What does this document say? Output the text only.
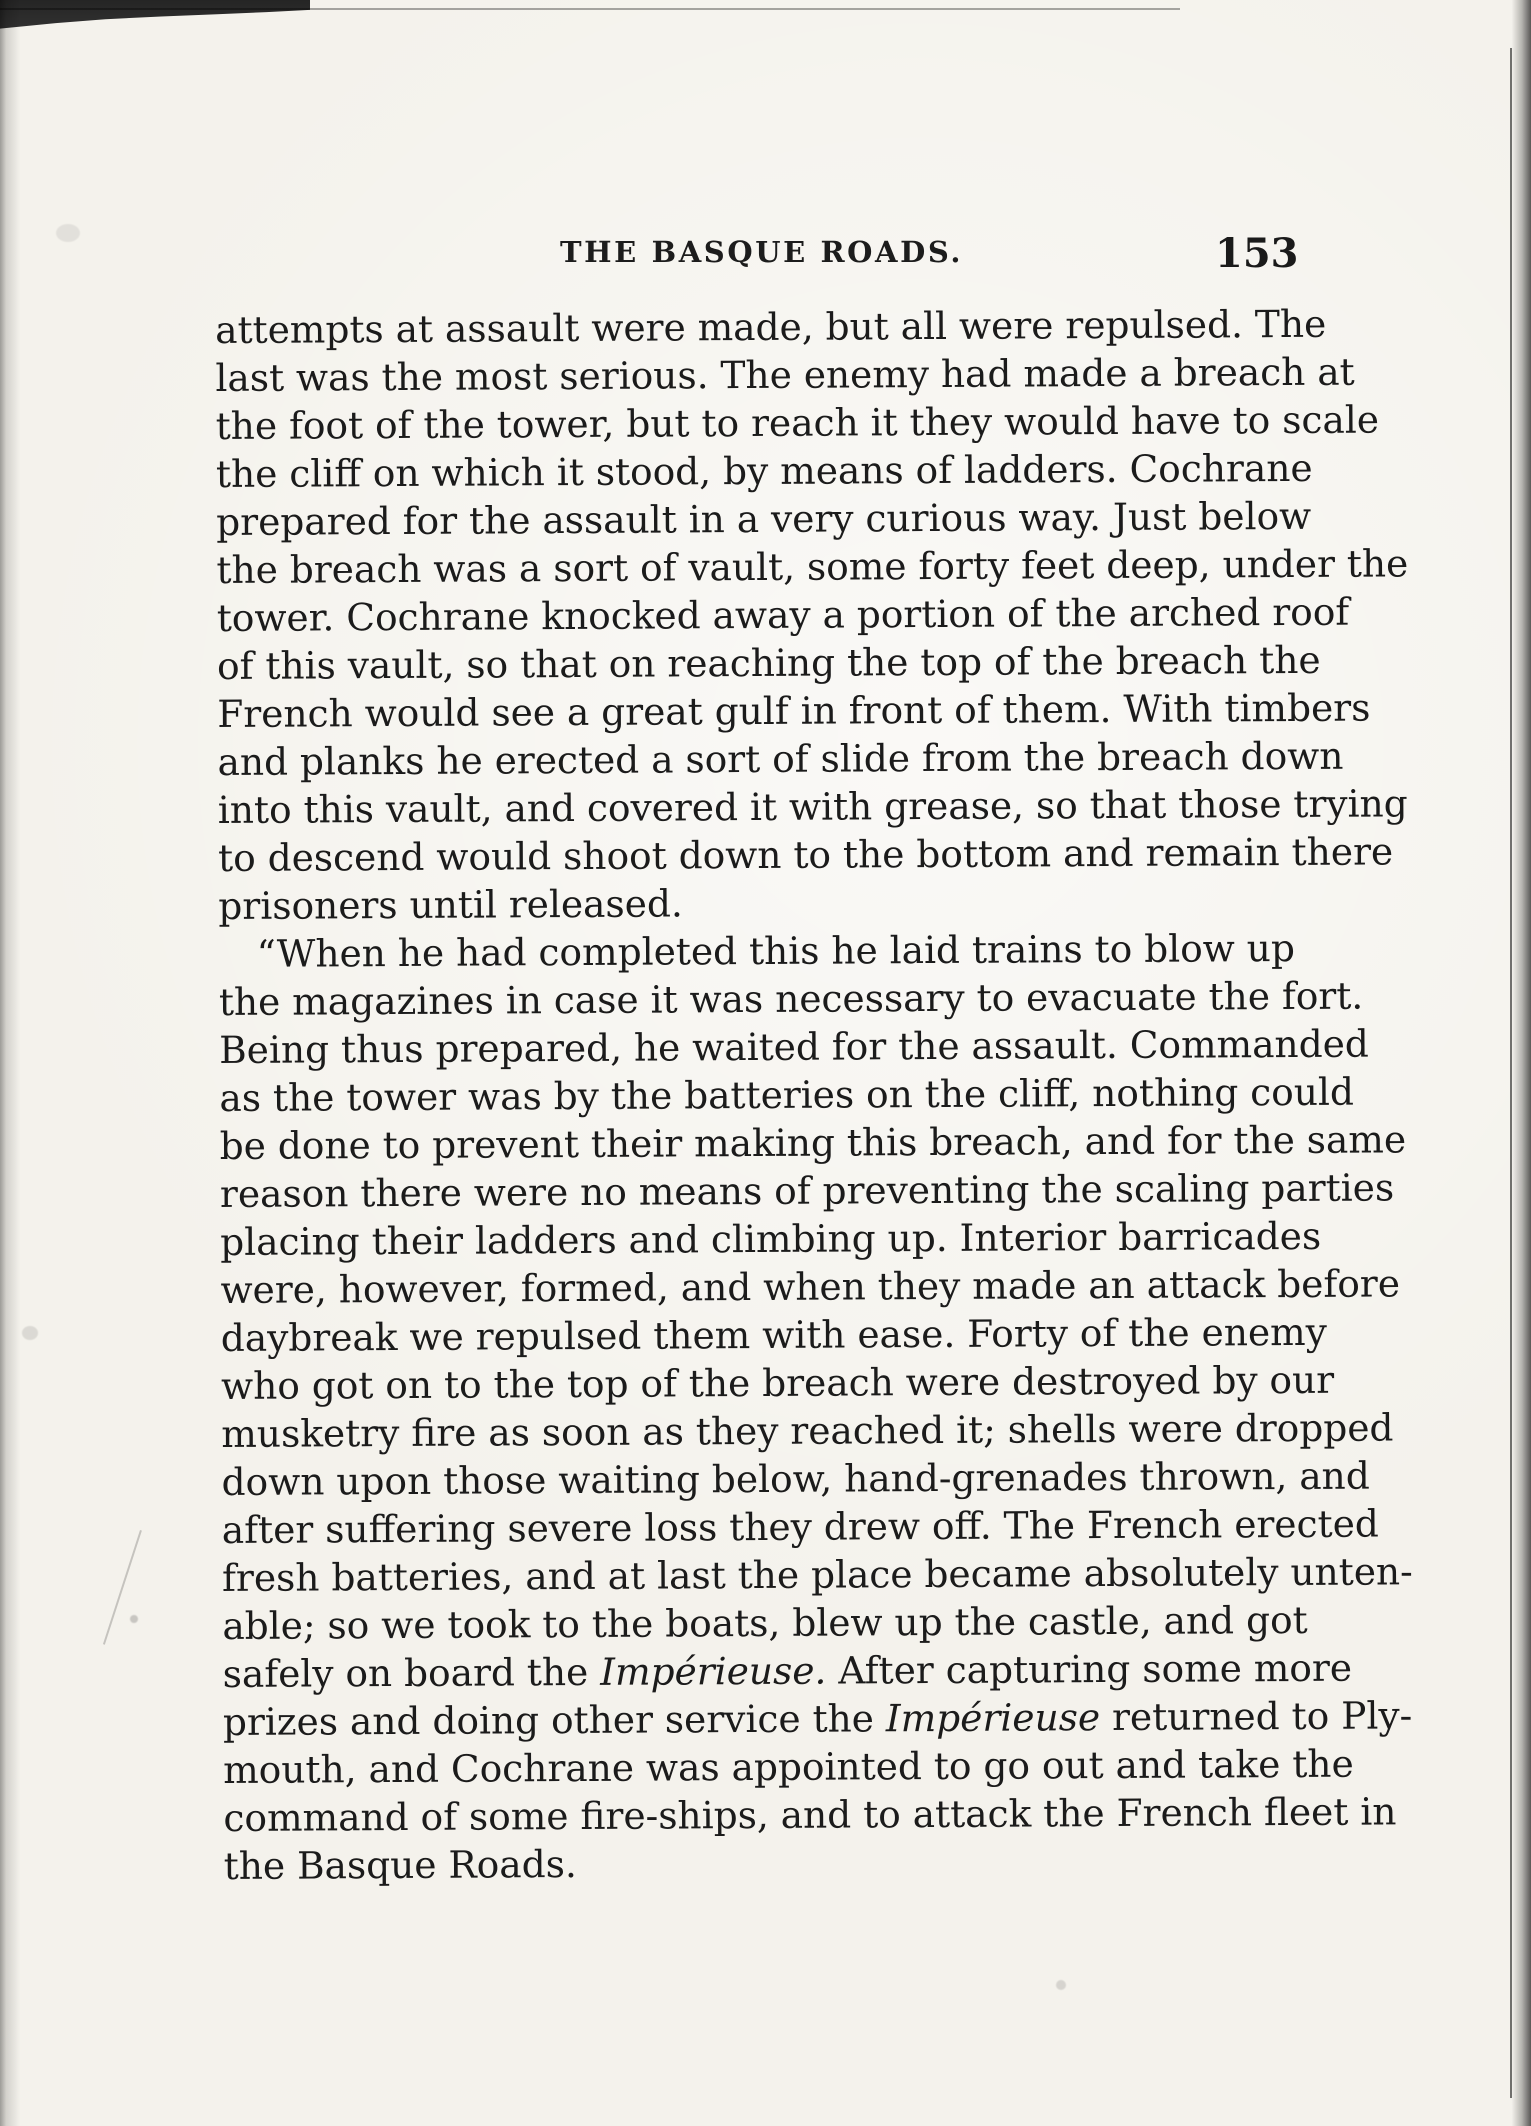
THE BASQUE ROADS.	153
attempts at assault were made, but all were repulsed. The
last was the most serious. The enemy had made a breach at
the foot of the tower, but to reach it they would have to scale
the cliff on which it stood, by means of ladders. Cochrane
prepared for the assault in a very curious way. Just below
the breach was a sort of vault, some forty feet deep, under the
tower. Cochrane knocked away a portion of the arched roof
of this vault, so that on reaching the top of the breach the
French would see a great gulf in front of them. With timbers
and planks he erected a sort of slide from the breach down
into this vault, and covered it with grease, so that those trying
to descend would shoot down to the bottom and remain there
prisoners until released.
“When he had completed this he laid trains to blow up
the magazines in case it was necessary to evacuate the fort.
Being thus prepared, he waited for the assault. Commanded
as the tower was by the batteries on the cliff, nothing could
be done to prevent their making this breach, and for the same
reason there were no means of preventing the scaling parties
placing their ladders and climbing up. Interior barricades
were, however, formed, and when they made an attack before
daybreak we repulsed them with ease. Forty of the enemy
who got on to the top of the breach were destroyed by our
musketry fire as soon as they reached it; shells were dropped
down upon those waiting below, hand-grenades thrown, and
after suffering severe loss they drew off. The French erected
fresh batteries, and at last the place became absolutely unten-
able; so we took to the boats, blew up the castle, and got
safely on board the Impérieuse. After capturing some more
prizes and doing other service the Impérieuse returned to Ply-
mouth, and Cochrane was appointed to go out and take the
command of some fire-ships, and to attack the French fleet in
the Basque Roads.
